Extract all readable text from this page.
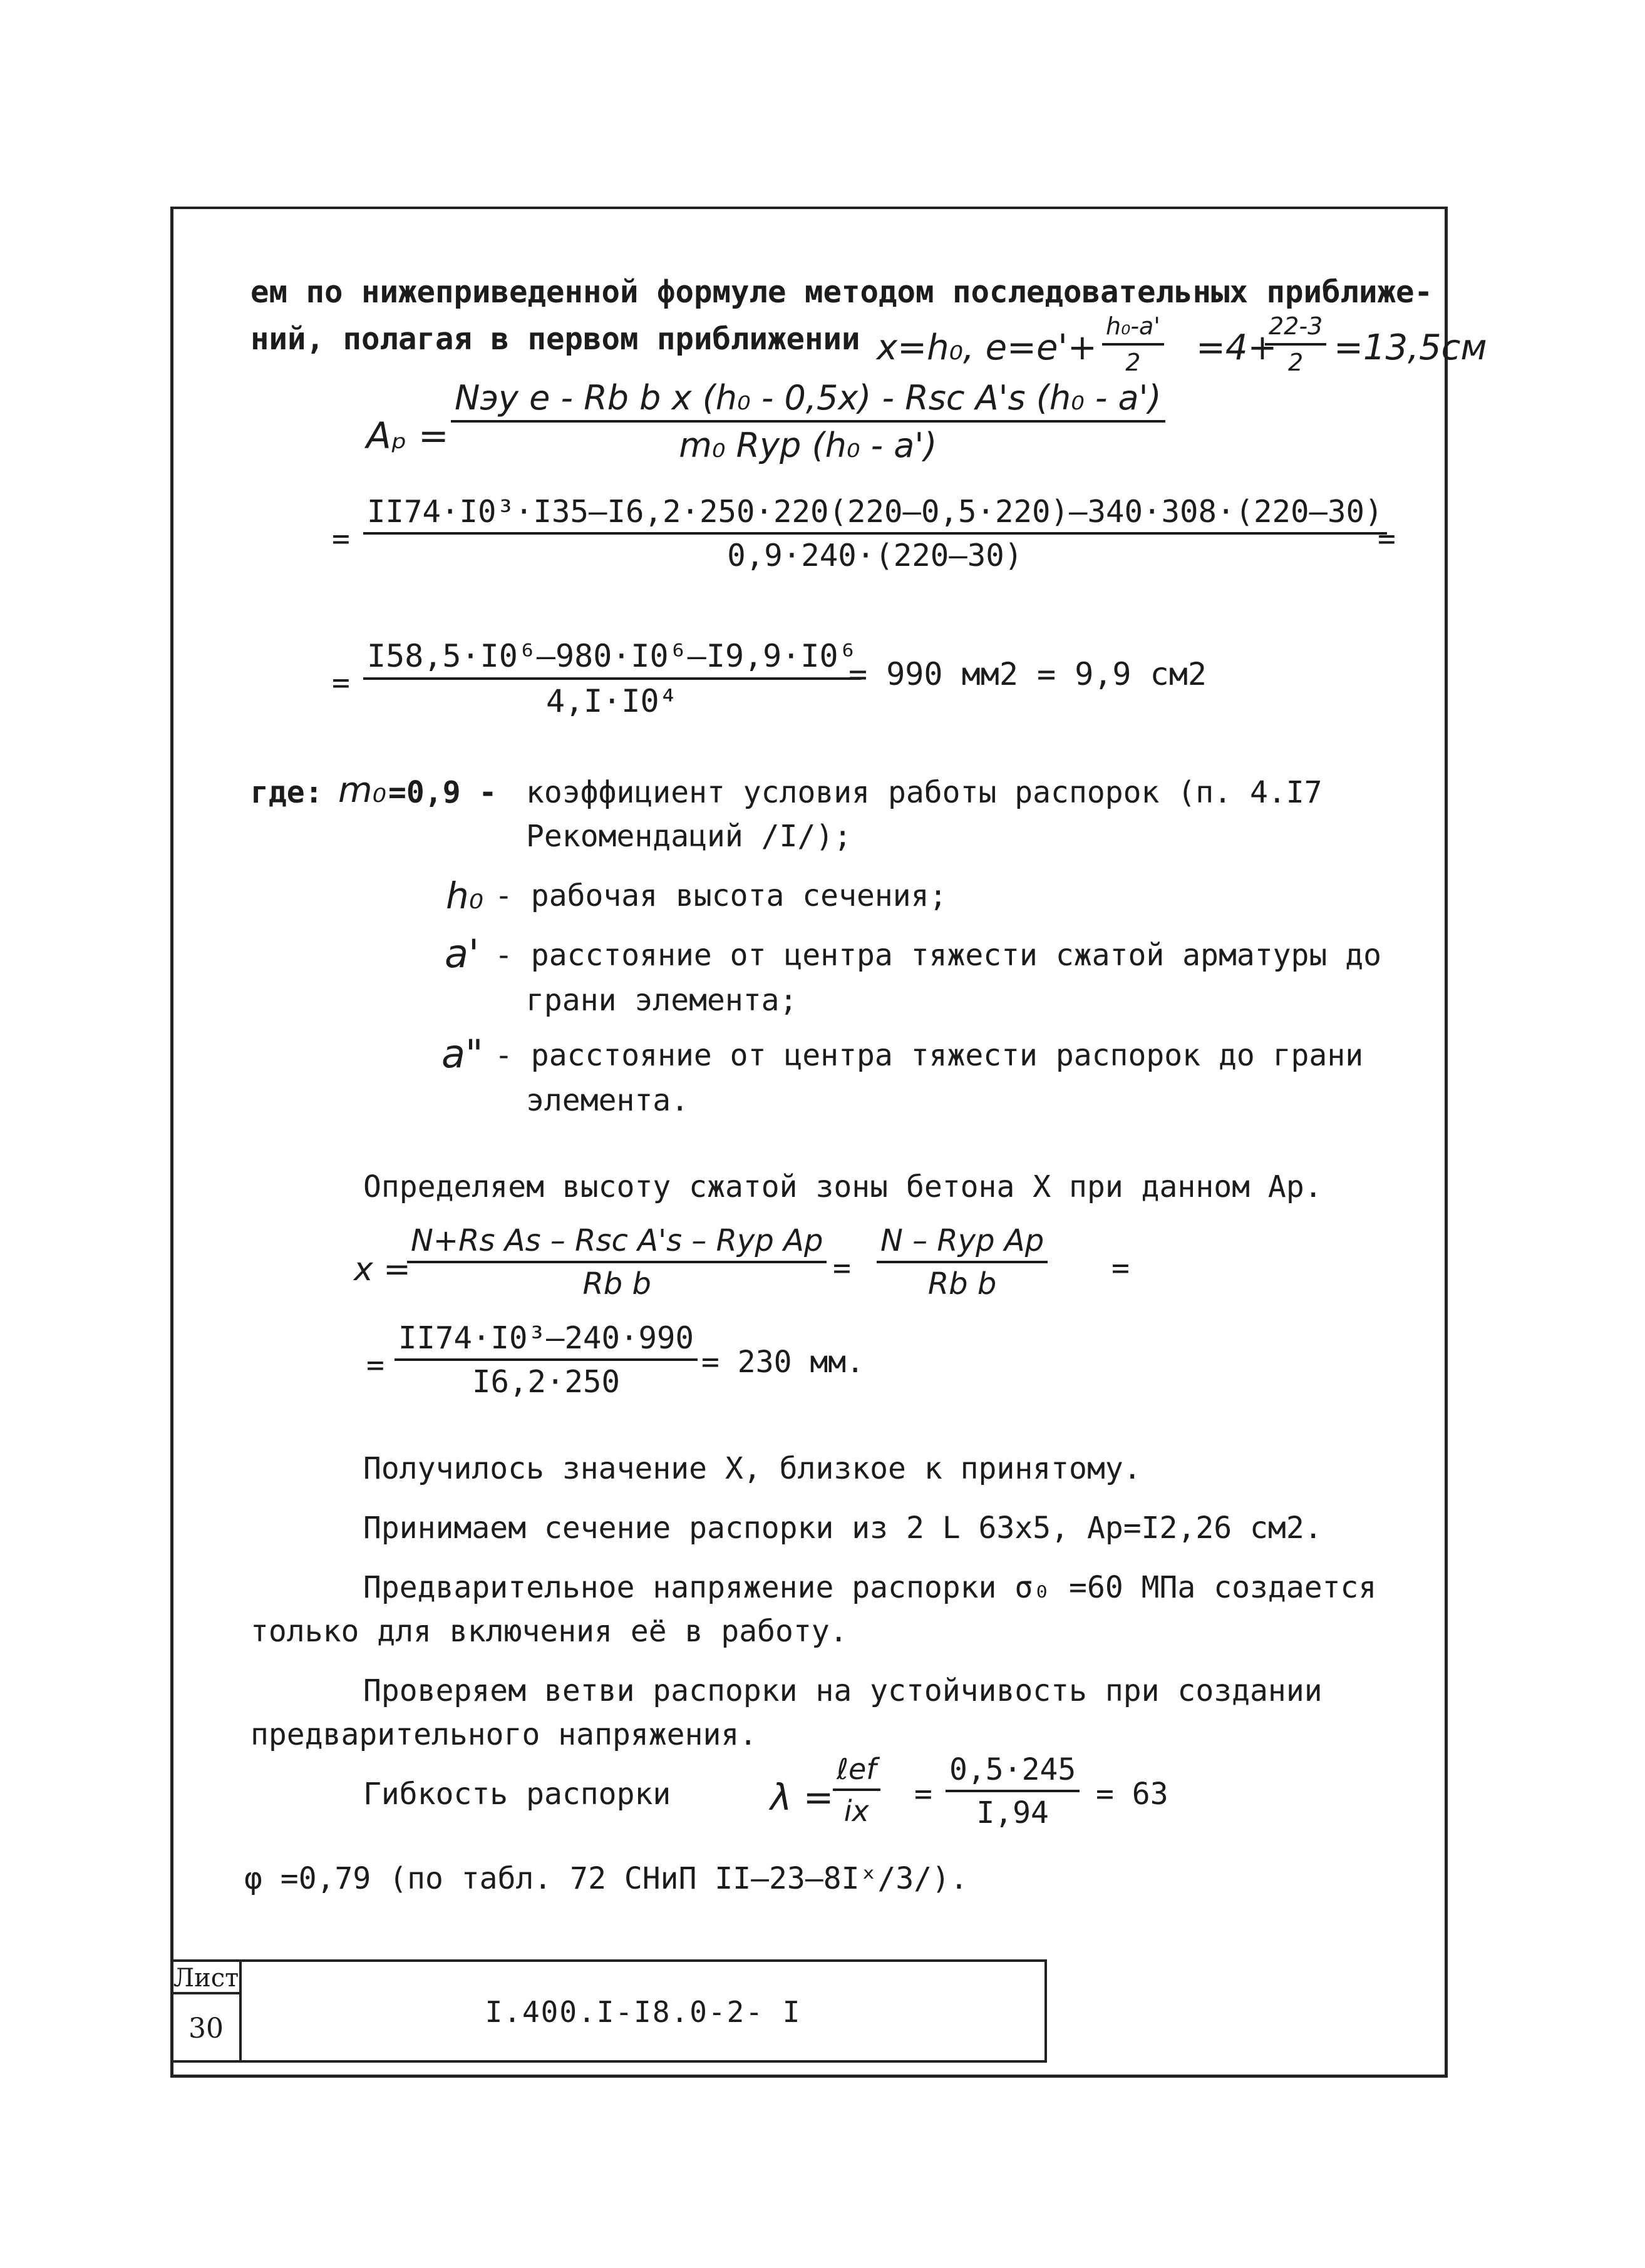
ем по нижеприведенной формуле методом последовательных приближе-
ний, полагая в первом приближении x=h₀, $e=e'+ \frac{\text{h₀-a'}}{2} =4+$
$\frac{22-3}{2} =13,5см$
Aₚ =
Nэу e - Rb b x (h₀ - 0,5x) - Rsc A's (h₀ - a')
m₀ Ryp (h₀ - a')
= $\frac{\text{II74·I0³·I35–I6,2·250·220(220–0,5·220)–340·308·(220–30)}}{0,9\cdot 240\cdot(220-30)}$
=
= $\frac{\text{I58,5·I0⁶–980·I0⁶–I9,9·I0⁶}}{\text{4,I·I0⁴}}$
= 990 мм2 = 9,9 см2
где: m₀ =0,9 - коэффициент условия работы распорок (п. 4.I7
Рекомендаций /I/);
h₀ - рабочая высота сечения;
a' - расстояние от центра тяжести сжатой арматуры до
грани элемента;
a" - расстояние от центра тяжести распорок до грани
элемента.
Определяем высоту сжатой зоны бетона X при данном Ap.
x =
N+Rs As – Rsc A's – Ryp Ap
Rb b	=
N – Ryp Ap
Rb b	=
= $\frac{\text{II74·I0³–240·990}}{I6,2\cdot 250} = 230$ мм.
Получилось значение X, близкое к принятому.
Принимаем сечение распорки из 2 L 63x5, Ap=I2,26 см2.
Предварительное напряжение распорки σ₀ =60 МПа создается
только для включения её в работу.
Проверяем ветви распорки на устойчивость при создании
предварительного напряжения.
Гибкость распорки	λ =
ℓef
ix	= $\frac{0,5\cdot 245}{I,94} = 63$
φ =0,79 (по табл. 72 СНиП II–23–8Iˣ/3/).
Лист
30	I.400.I-I8.0-2- I
